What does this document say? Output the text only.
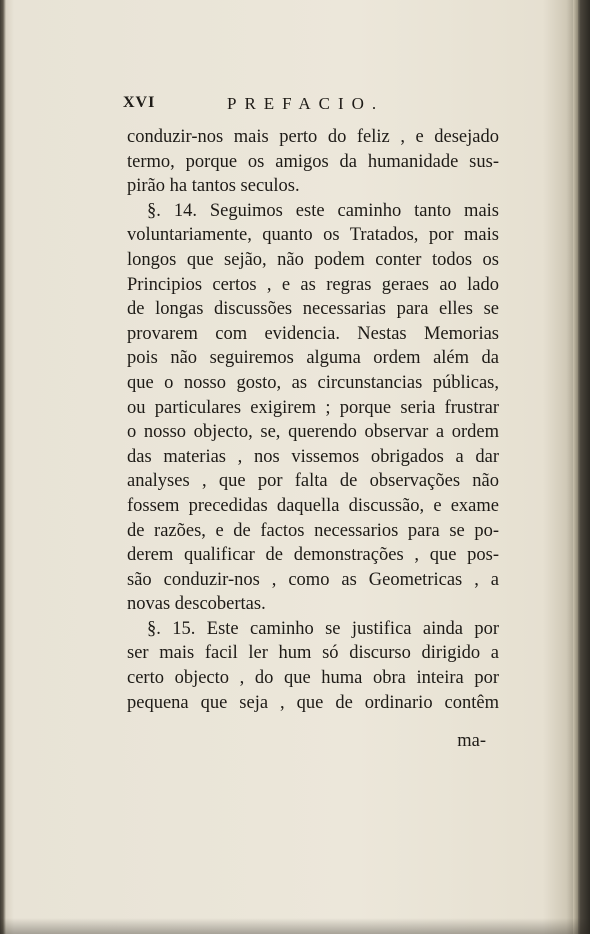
XVI	PREFACIO.
conduzir-nos mais perto do feliz , e desejado
termo, porque os amigos da humanidade sus-
pirão ha tantos seculos.
§. 14. Seguimos este caminho tanto mais
voluntariamente, quanto os Tratados, por mais
longos que sejão, não podem conter todos os
Principios certos , e as regras geraes ao lado
de longas discussões necessarias para elles se
provarem com evidencia. Nestas Memorias
pois não seguiremos alguma ordem além da
que o nosso gosto, as circunstancias públicas,
ou particulares exigirem ; porque seria frustrar
o nosso objecto, se, querendo observar a ordem
das materias , nos vissemos obrigados a dar
analyses , que por falta de observações não
fossem precedidas daquella discussão, e exame
de razões, e de factos necessarios para se po-
derem qualificar de demonstrações , que pos-
são conduzir-nos , como as Geometricas , a
novas descobertas.
§. 15. Este caminho se justifica ainda por
ser mais facil ler hum só discurso dirigido a
certo objecto , do que huma obra inteira por
pequena que seja , que de ordinario contêm
ma-
